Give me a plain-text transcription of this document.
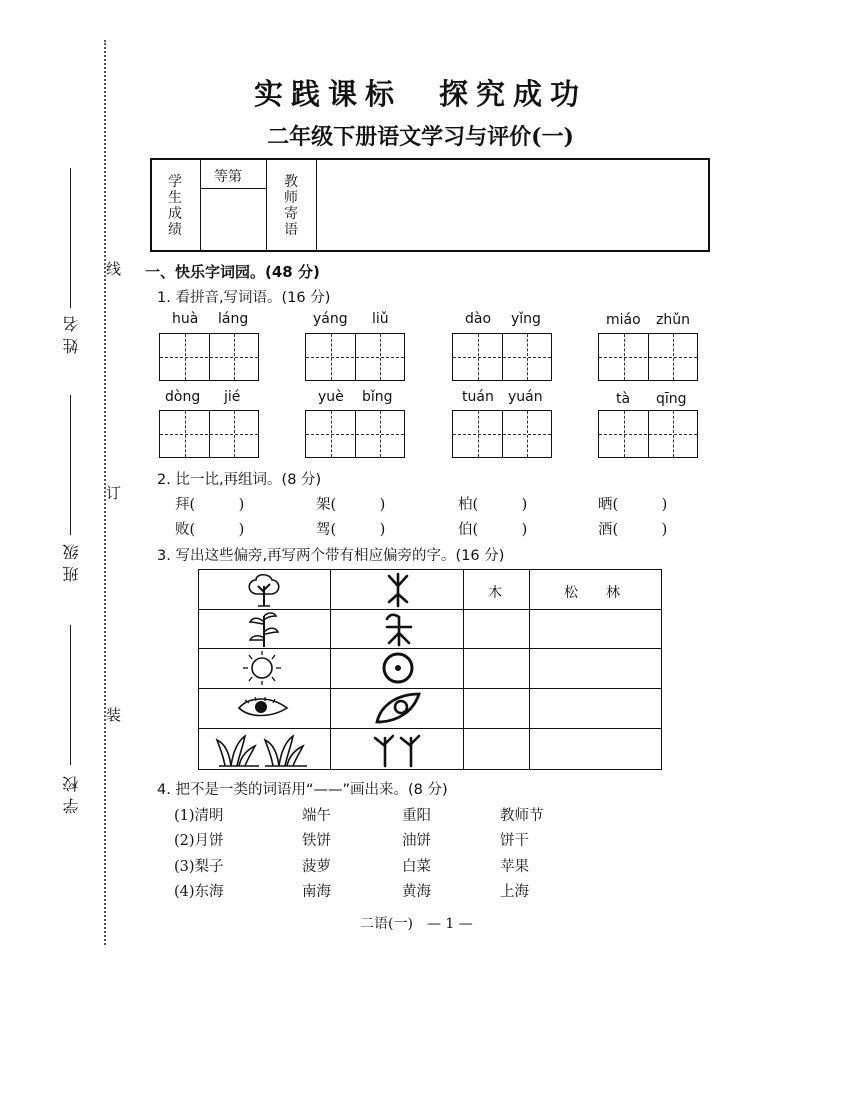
学校
班级
姓名
装
订
线
实践课标　探究成功
二年级下册语文学习与评价(一)
学生成绩
等第	教师寄语
一、快乐字词园。(48 分)
1. 看拼音,写词语。(16 分)
huà láng	yáng liǔ	dào yǐng	miáo zhǔn
dòng jié	yuè bǐng	tuán yuán	tà qīng
2. 比一比,再组词。(8 分)
拜(　　　)	架(　　　)	柏(　　　)	晒(　　　)
败(　　　)	驾(　　　)	伯(　　　)	酒(　　　)
3. 写出这些偏旁,再写两个带有相应偏旁的字。(16 分)
木	松　　林
4. 把不是一类的词语用“——”画出来。(8 分)
(1)清明	端午	重阳	教师节
(2)月饼	铁饼	油饼	饼干
(3)梨子	菠萝	白菜	苹果
(4)东海	南海	黄海	上海
二语(一)　— 1 —
